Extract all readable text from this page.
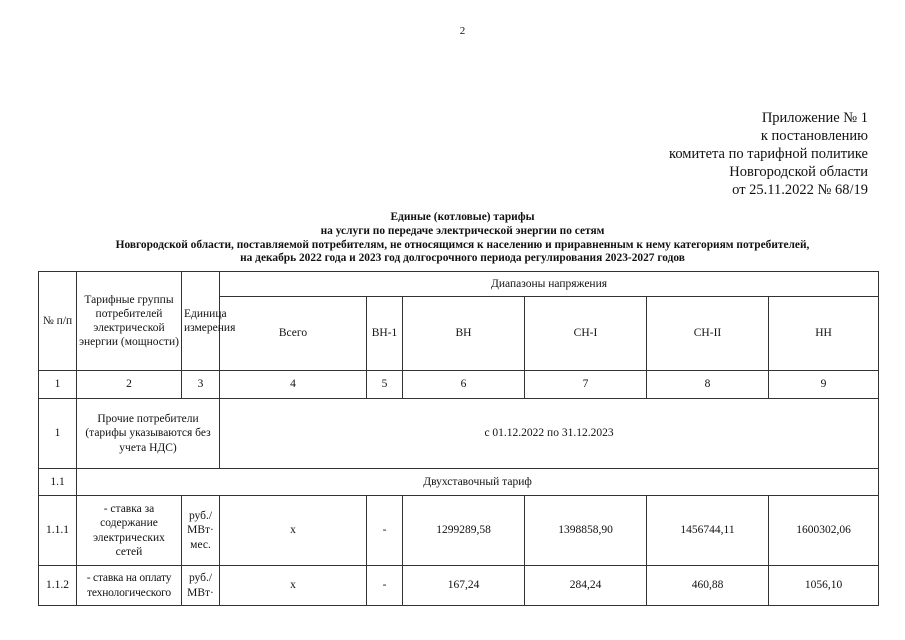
2
Приложение № 1
к постановлению
комитета по тарифной политике
Новгородской области
от 25.11.2022 № 68/19
Единые (котловые) тарифы
на услуги по передаче электрической энергии по сетям
Новгородской области, поставляемой потребителям, не относящимся к населению и приравненным к нему категориям потребителей,
на декабрь 2022 года и 2023 год долгосрочного периода регулирования 2023-2027 годов
№ п/п	Тарифные группы потребителей электрической энергии (мощности)	Единица измерения	Диапазоны напряжения					
			Всего	ВН-1	ВН	СН-I	СН-II	НН
1	2	3	4	5	6	7	8	9
1	Прочие потребители (тарифы указываются без учета НДС)		с 01.12.2022 по 31.12.2023					
1.1	Двухставочный тариф							
1.1.1	- ставка за содержание электрических сетей	руб./ МВт· мес.	х	-	1299289,58	1398858,90	1456744,11	1600302,06
1.1.2	- ставка на оплату технологического	руб./ МВт·	х	-	167,24	284,24	460,88	1056,10
